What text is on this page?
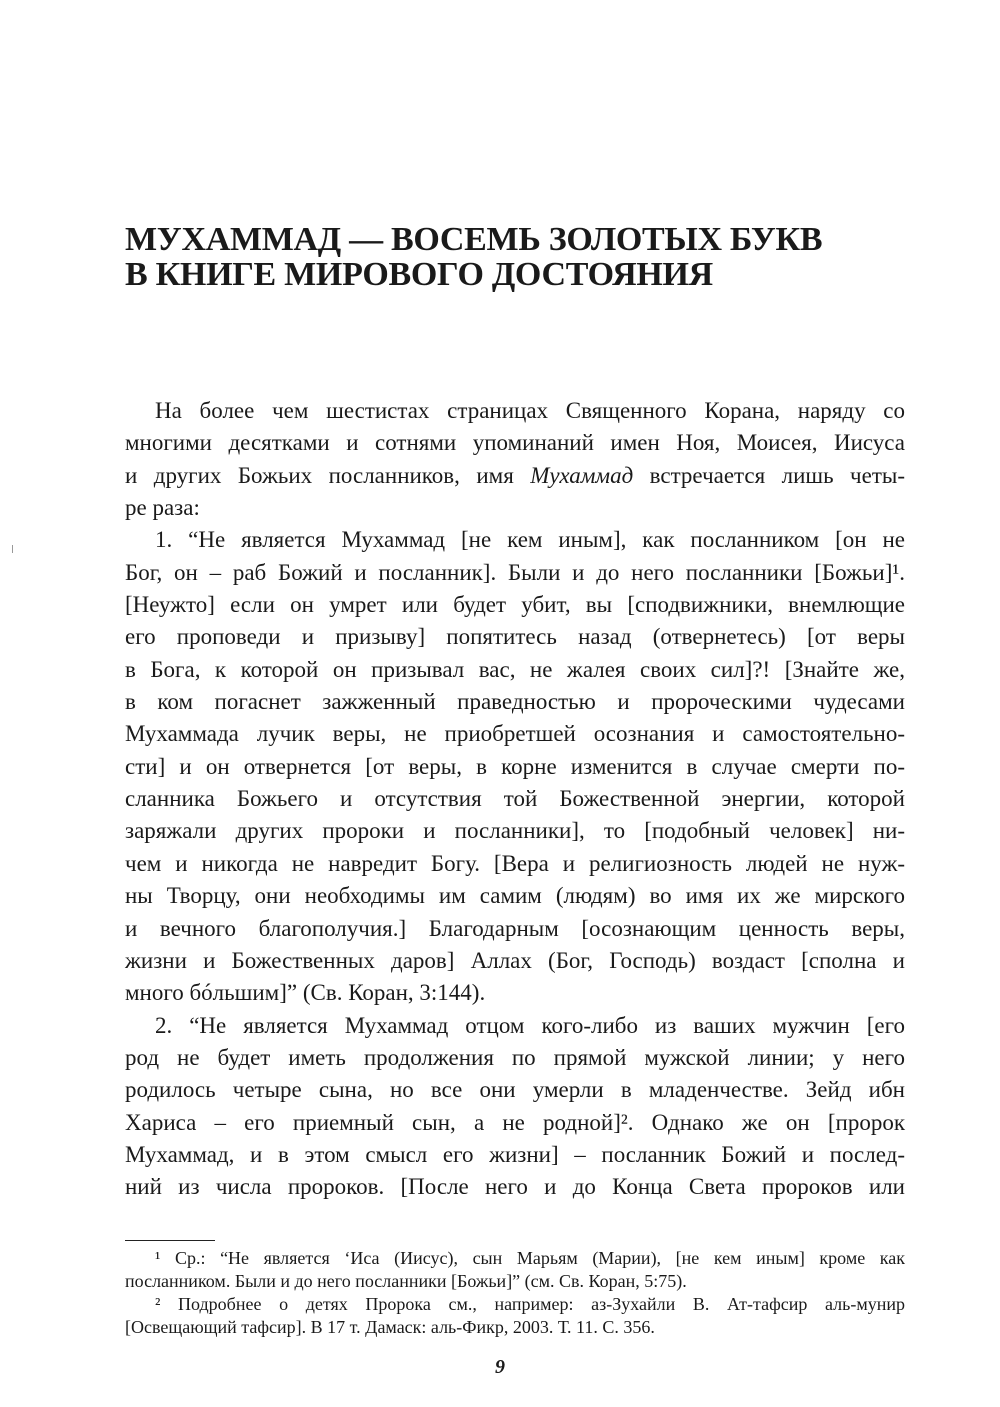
МУХАММАД — ВОСЕМЬ ЗОЛОТЫХ БУКВ
В КНИГЕ МИРОВОГО ДОСТОЯНИЯ
На более чем шестистах страницах Священного Корана, наряду со
многими десятками и сотнями упоминаний имен Ноя, Моисея, Иисуса
и других Божьих посланников, имя Мухаммад встречается лишь четы-
ре раза:
1. “Не является Мухаммад [не кем иным], как посланником [он не
Бог, он – раб Божий и посланник]. Были и до него посланники [Божьи]¹.
[Неужто] если он умрет или будет убит, вы [сподвижники, внемлющие
его проповеди и призыву] попятитесь назад (отвернетесь) [от веры
в Бога, к которой он призывал вас, не жалея своих сил]?! [Знайте же,
в ком погаснет зажженный праведностью и пророческими чудесами
Мухаммада лучик веры, не приобретшей осознания и самостоятельно-
сти] и он отвернется [от веры, в корне изменится в случае смерти по-
сланника Божьего и отсутствия той Божественной энергии, которой
заряжали других пророки и посланники], то [подобный человек] ни-
чем и никогда не навредит Богу. [Вера и религиозность людей не нуж-
ны Творцу, они необходимы им самим (людям) во имя их же мирского
и вечного благополучия.] Благодарным [осознающим ценность веры,
жизни и Божественных даров] Аллах (Бог, Господь) воздаст [сполна и
много бóльшим]” (Св. Коран, 3:144).
2. “Не является Мухаммад отцом кого-либо из ваших мужчин [его
род не будет иметь продолжения по прямой мужской линии; у него
родилось четыре сына, но все они умерли в младенчестве. Зейд ибн
Хариса – его приемный сын, а не родной]². Однако же он [пророк
Мухаммад, и в этом смысл его жизни] – посланник Божий и послед-
ний из числа пророков. [После него и до Конца Света пророков или
¹ Ср.: “Не является ‘Иса (Иисус), сын Марьям (Марии), [не кем иным] кроме как
посланником. Были и до него посланники [Божьи]” (см. Св. Коран, 5:75).
² Подробнее о детях Пророка см., например: аз-Зухайли В. Ат-тафсир аль-мунир
[Освещающий тафсир]. В 17 т. Дамаск: аль-Фикр, 2003. Т. 11. С. 356.
9
